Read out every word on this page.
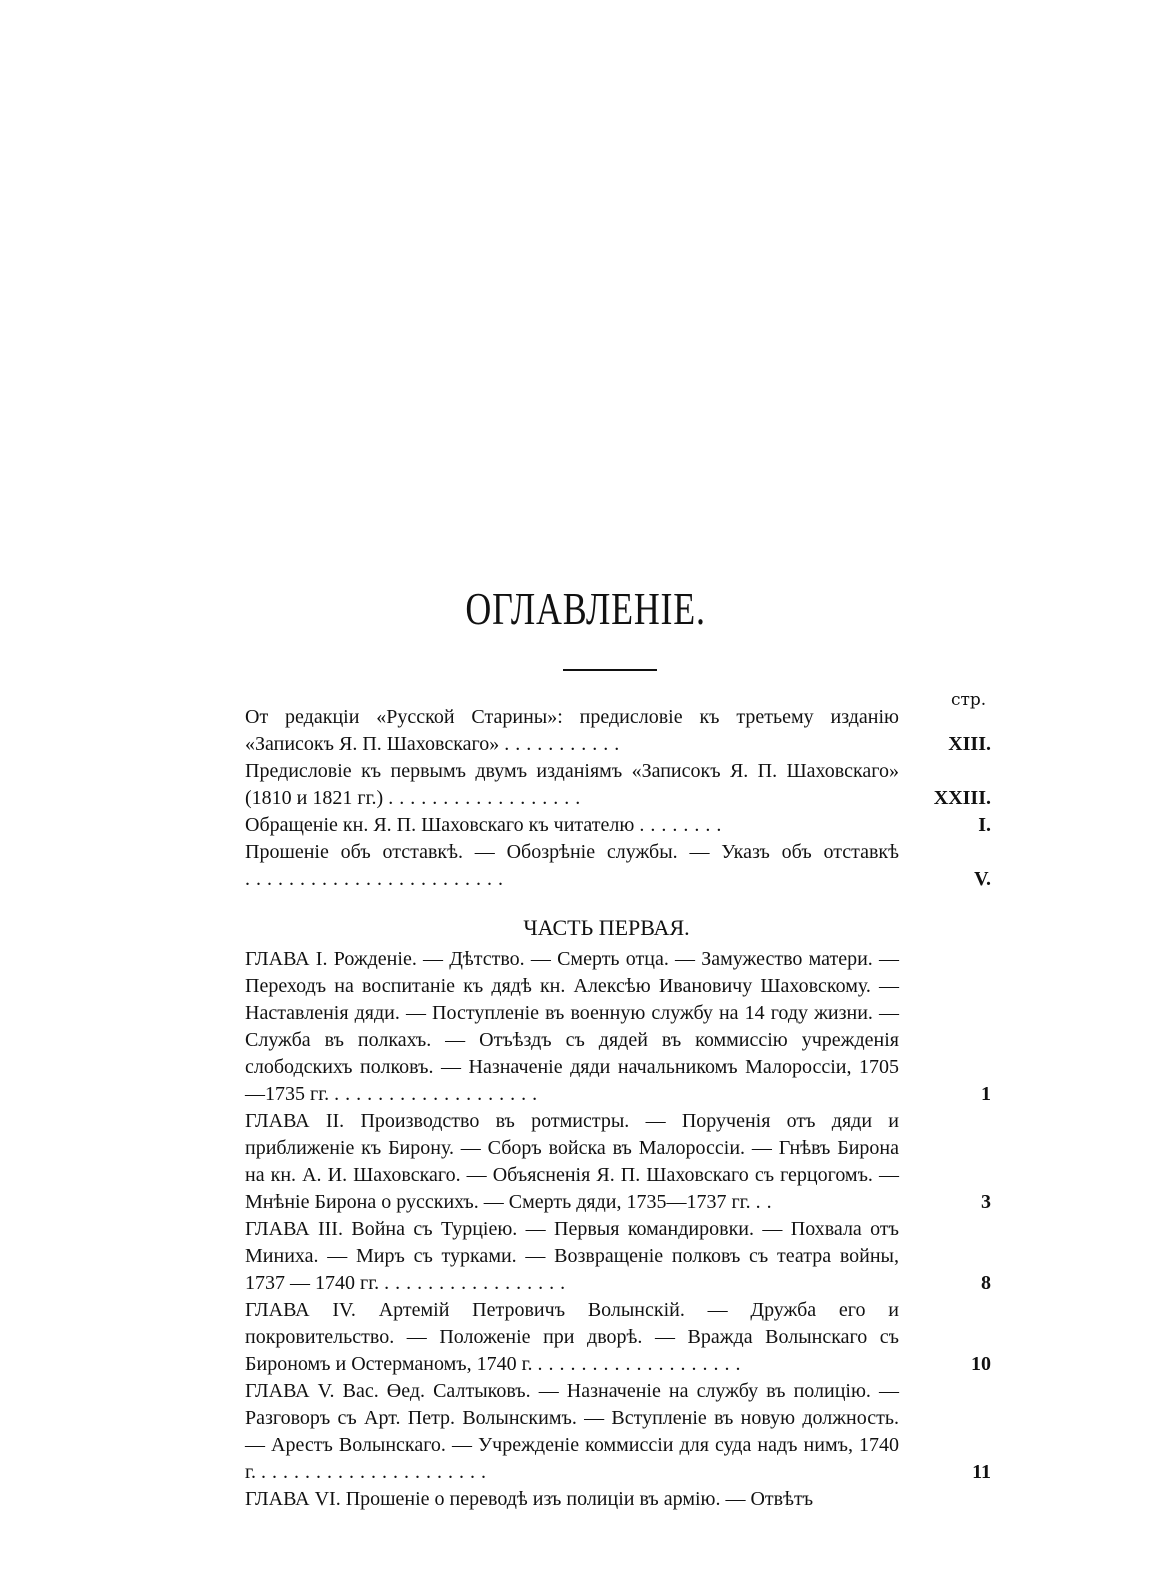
ОГЛАВЛЕНІЕ.
стр.
От редакціи «Русской Старины»: предисловіе къ третьему изданію «Записокъ Я. П. Шаховскаго» ...........	XIII.
Предисловіе къ первымъ двумъ изданіямъ «Записокъ Я. П. Шаховскаго» (1810 и 1821 гг.) ..................	XXIII.
Обращеніе кн. Я. П. Шаховскаго къ читателю ........	I.
Прошеніе объ отставкѣ. — Обозрѣніе службы. — Указъ объ отставкѣ ........................	V.
ЧАСТЬ ПЕРВАЯ.
ГЛАВА I. Рожденіе. — Дѣтство. — Смерть отца. — Замужество матери. — Переходъ на воспитаніе къ дядѣ кн. Алексѣю Ивановичу Шаховскому. — Наставленія дяди. — Поступленіе въ военную службу на 14 году жизни. — Служба въ полкахъ. — Отъѣздъ съ дядей въ коммиссію учрежденія слободскихъ полковъ. — Назначеніе дяди начальникомъ Малороссіи, 1705—1735 гг. ...................	1
ГЛАВА II. Производство въ ротмистры. — Порученія отъ дяди и приближеніе къ Бирону. — Сборъ войска въ Малороссіи. — Гнѣвъ Бирона на кн. А. И. Шаховскаго. — Объясненія Я. П. Шаховскаго съ герцогомъ. — Мнѣніе Бирона о русскихъ. — Смерть дяди, 1735—1737 гг. ..	3
ГЛАВА III. Война съ Турціею. — Первыя командировки. — Похвала отъ Миниха. — Миръ съ турками. — Возвращеніе полковъ съ театра войны, 1737 — 1740 гг. .................	8
ГЛАВА IV. Артемій Петровичъ Волынскій. — Дружба его и покровительство. — Положеніе при дворѣ. — Вражда Волынскаго съ Бирономъ и Остерманомъ, 1740 г. ...................	10
ГЛАВА V. Вас. Өед. Салтыковъ. — Назначеніе на службу въ полицію. — Разговоръ съ Арт. Петр. Волынскимъ. — Вступленіе въ новую должность. — Арестъ Волынскаго. — Учрежденіе коммиссіи для суда надъ нимъ, 1740 г. .....................	11
ГЛАВА VI. Прошеніе о переводѣ изъ полиціи въ армію. — Отвѣтъ
